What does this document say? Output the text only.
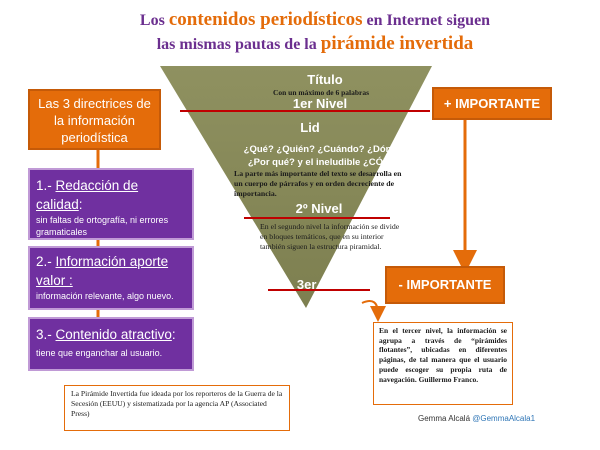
Los contenidos periodísticos en Internet siguen
las mismas pautas de la pirámide invertida
Título
Con un máximo de 6 palabras
1er Nivel
Lid
¿Qué? ¿Quién? ¿Cuándo? ¿Dónde?
¿Por qué? y el ineludible ¿CÓMO?
La parte más importante del texto se desarrolla en un cuerpo de párrafos y en orden decreciente de importancia.
2º Nivel
En el segundo nivel la información se divide en bloques temáticos, que en su interior también siguen la estructura piramidal.
3er Nivel
Las 3 directrices de la información periodística
1.- Redacción de calidad:
sin faltas de ortografía, ni errores gramaticales
2.- Información aporte valor :
información relevante, algo nuevo.
3.- Contenido atractivo:
tiene que enganchar al usuario.
+ IMPORTANTE
- IMPORTANTE
En el tercer nivel, la información se agrupa a través de “pirámides flotantes”, ubicadas en diferentes páginas, de tal manera que el usuario puede escoger su propia ruta de navegación. Guillermo Franco.
La Pirámide Invertida fue ideada por los reporteros de la Guerra de la Secesión (EEUU) y sistematizada por la agencia AP (Associated Press)
Gemma Alcalá @GemmaAlcala1
